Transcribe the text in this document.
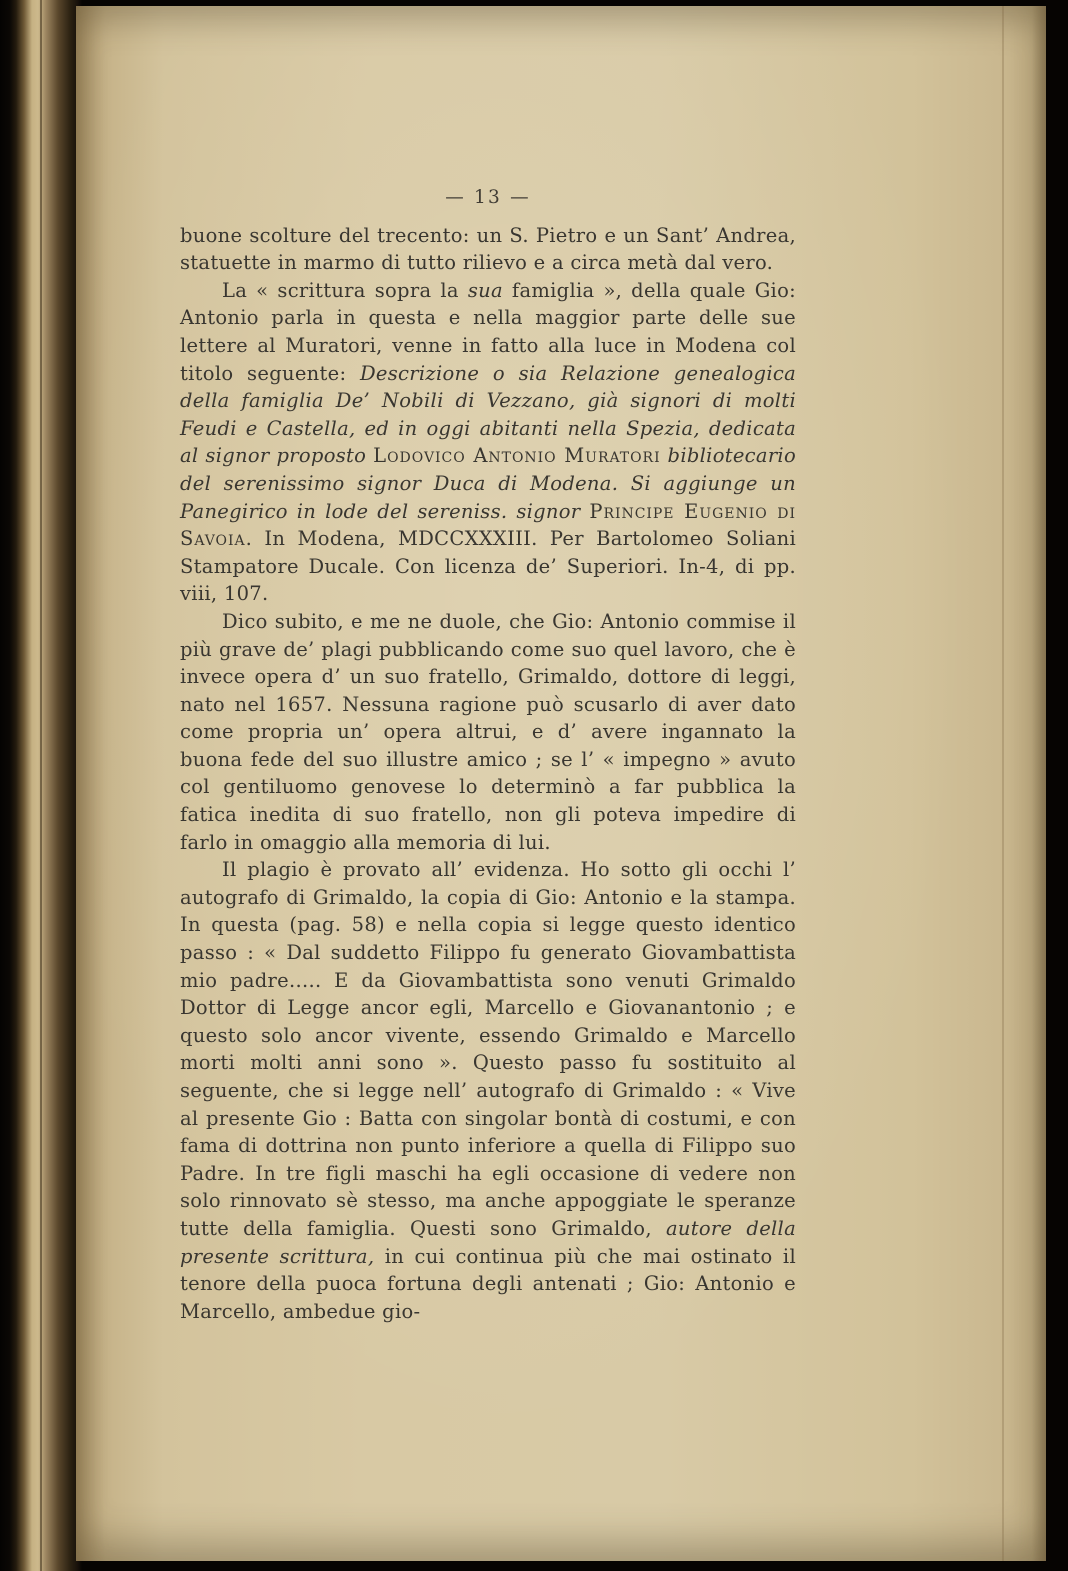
— 13 —

buone scolture del trecento: un S. Pietro e un Sant’ Andrea, statuette in marmo di tutto rilievo e a circa metà dal vero.

La « scrittura sopra la sua famiglia », della quale Gio: Antonio parla in questa e nella maggior parte delle sue lettere al Muratori, venne in fatto alla luce in Modena col titolo seguente: Descrizione o sia Relazione genealogica della famiglia De’ Nobili di Vezzano, già signori di molti Feudi e Castella, ed in oggi abitanti nella Spezia, dedicata al signor proposto Lodovico Antonio Muratori bibliotecario del serenissimo signor Duca di Modena. Si aggiunge un Panegirico in lode del sereniss. signor Principe Eugenio di Savoia. In Modena, MDCCXXXIII. Per Bartolomeo Soliani Stampatore Ducale. Con licenza de’ Superiori. In-4, di pp. viii, 107.

Dico subito, e me ne duole, che Gio: Antonio commise il più grave de’ plagi pubblicando come suo quel lavoro, che è invece opera d’ un suo fratello, Grimaldo, dottore di leggi, nato nel 1657. Nessuna ragione può scusarlo di aver dato come propria un’ opera altrui, e d’ avere ingannato la buona fede del suo illustre amico ; se l’ « impegno » avuto col gentiluomo genovese lo determinò a far pubblica la fatica inedita di suo fratello, non gli poteva impedire di farlo in omaggio alla memoria di lui.

Il plagio è provato all’ evidenza. Ho sotto gli occhi l’ autografo di Grimaldo, la copia di Gio: Antonio e la stampa. In questa (pag. 58) e nella copia si legge questo identico passo : « Dal suddetto Filippo fu generato Giovambattista mio padre..... E da Giovambattista sono venuti Grimaldo Dottor di Legge ancor egli, Marcello e Giovanantonio ; e questo solo ancor vivente, essendo Grimaldo e Marcello morti molti anni sono ». Questo passo fu sostituito al seguente, che si legge nell’ autografo di Grimaldo : « Vive al presente Gio : Batta con singolar bontà di costumi, e con fama di dottrina non punto inferiore a quella di Filippo suo Padre. In tre figli maschi ha egli occasione di vedere non solo rinnovato sè stesso, ma anche appoggiate le speranze tutte della famiglia. Questi sono Grimaldo, autore della presente scrittura, in cui continua più che mai ostinato il tenore della puoca fortuna degli antenati ; Gio: Antonio e Marcello, ambedue gio-
